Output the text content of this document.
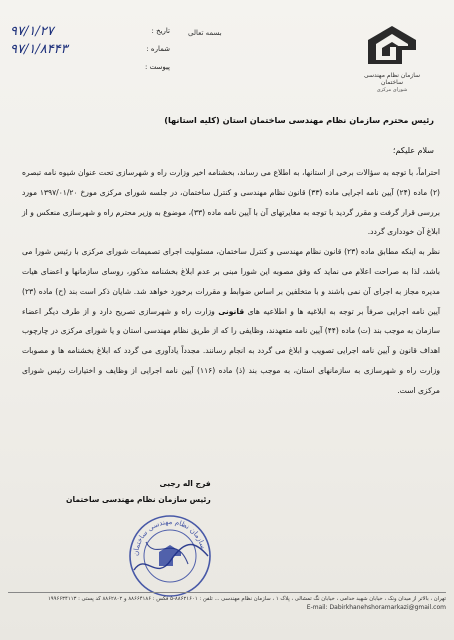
تاریخ :
۹۷/۱/۲۷
شماره :
۹۷/۱/۸۴۴۳
پیوست :
بسمه تعالی
سازمان نظام مهندسی ساختمان
شورای مرکزی
رئیس محترم سازمان نظام مهندسی ساختمان استان (کلیه استانها)
سلام علیکم؛

احتراماً، با توجه به سؤالات برخی از استانها، به اطلاع می رساند، بخشنامه اخیر وزارت راه و شهرسازی تحت عنوان شیوه نامه تبصره (۲) ماده (۲۴) آیین نامه اجرایی ماده (۳۳) قانون نظام مهندسی و کنترل ساختمان، در جلسه شورای مرکزی مورخ ۱۳۹۷/۰۱/۲۰ مورد بررسی قرار گرفت و مقرر گردید با توجه به مغایرتهای آن با آیین نامه ماده (۳۳)، موضوع به وزیر محترم راه و شهرسازی منعکس و از ابلاغ آن خودداری گردد.

نظر به اینکه مطابق ماده (۲۳) قانون نظام مهندسی و کنترل ساختمان، مسئولیت اجرای تصمیمات شورای مرکزی با رئیس شورا می باشد، لذا به صراحت اعلام می نماید که وفق مصوبه این شورا مبنی بر عدم ابلاغ بخشنامه مذکور، روسای سازمانها و اعضای هیات مدیره مجاز به اجرای آن نمی باشند و با متخلفین بر اساس ضوابط و مقررات برخورد خواهد شد. شایان ذکر است بند (ح) ماده (۲۳) آیین نامه اجرایی صرفاً بر توجه به ابلاغیه ها و اطلاعیه های قانونی وزارت راه و شهرسازی تصریح دارد و از طرف دیگر اعضاء سازمان به موجب بند (ت) ماده (۴۴) آیین نامه متعهدند، وظایفی را که از طریق نظام مهندسی استان و یا شورای مرکزی در چارچوب اهداف قانون و آیین نامه اجرایی تصویب و ابلاغ می گردد به انجام رسانند. مجدداً یادآوری می گردد که ابلاغ بخشنامه ها و مصوبات وزارت راه و شهرسازی به سازمانهای استان، به موجب بند (ذ) ماده (۱۱۶) آیین نامه اجرایی از وظایف و اختیارات رئیس شورای مرکزی است.

فرج اله رجبی
رئیس سازمان نظام مهندسی ساختمان
سازمان نظام مهندسی ساختمان
تهران ، بالاتر از میدان ونک ، خیابان شهید خدامی ، خیابان نگ تمشالی ، پلاک ۱ ، سازمان نظام مهندسی ... تلفن : ۸۸۶۲۱۶۰۱-۵ فکس : ۸۸۶۶۴۱۸۶ و ۸۸۶۲۸۰۲ کد پستی : ۱۹۹۶۶۳۴۱۱۳
E-mail: Dabirkhanehshoramarkazi@gmail.com
